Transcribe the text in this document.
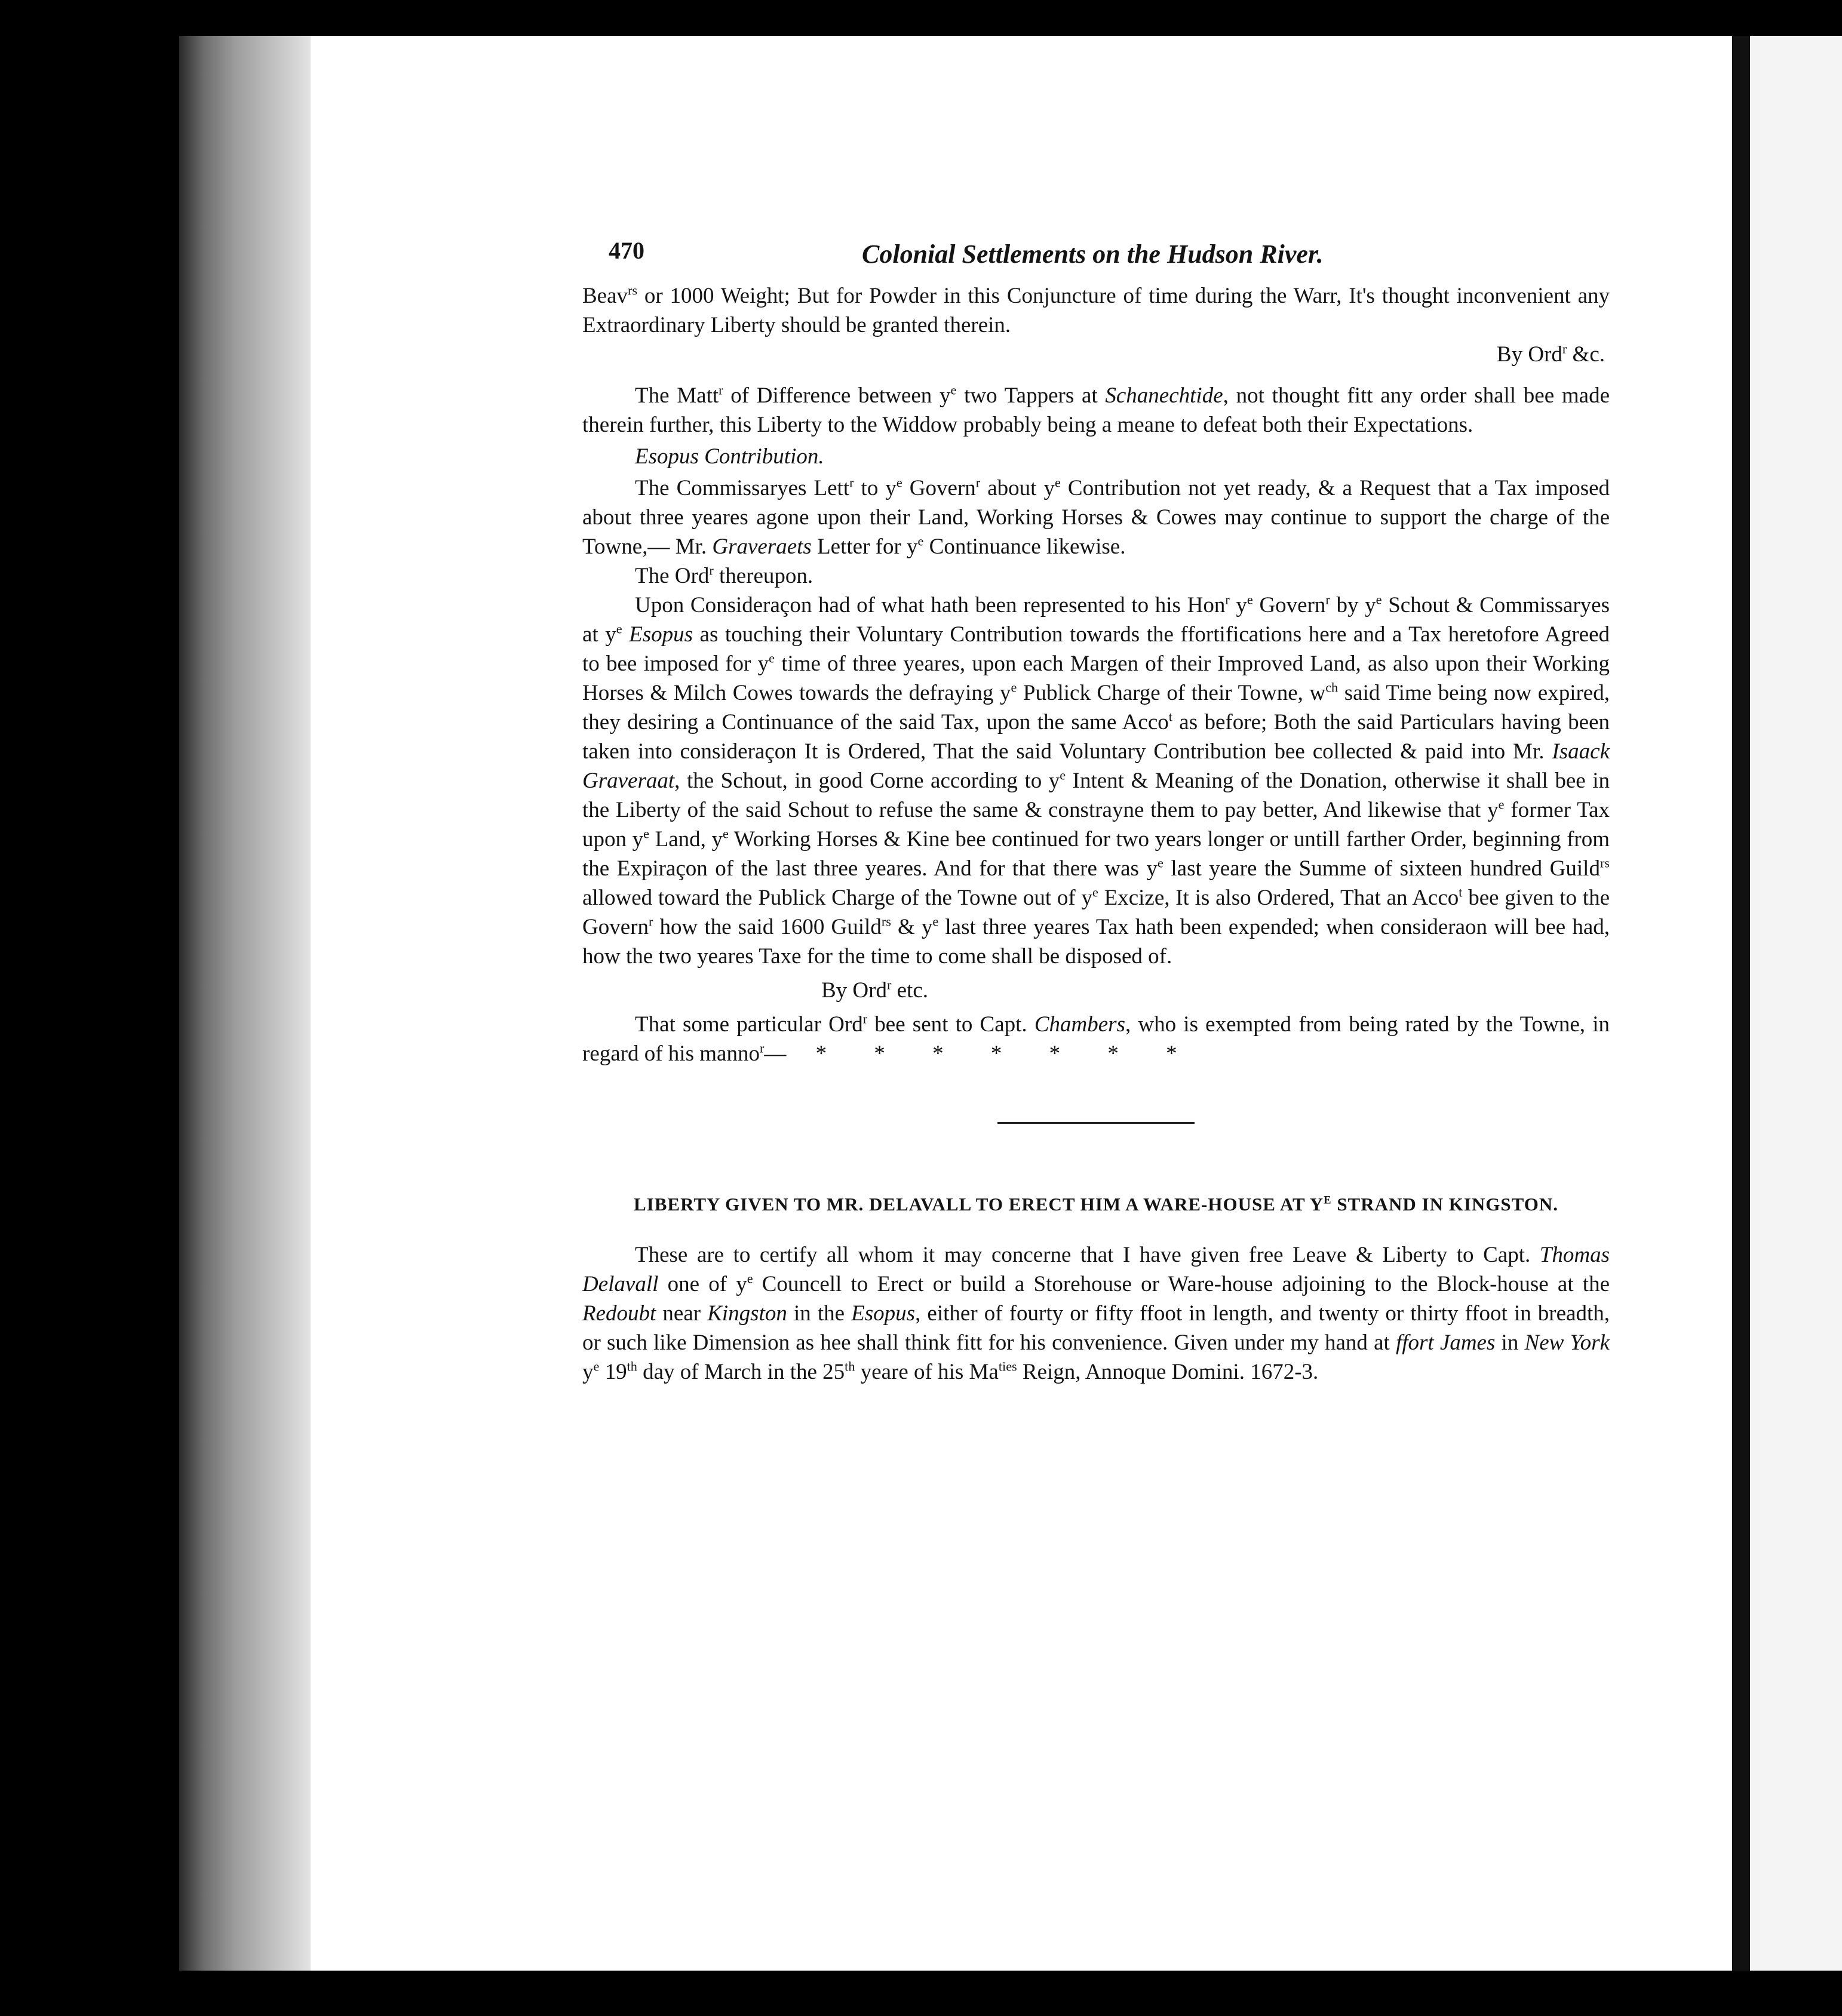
470	Colonial Settlements on the Hudson River.

Beav$^{rs}$ or 1000 Weight; But for Powder in this Conjuncture of time during the Warr, It's thought inconvenient any Extraordinary Liberty should be granted therein.

By Ord$^r$ &c.

The Matt$^r$ of Difference between $y^e$ two Tappers at Schanechtide, not thought fitt any order shall bee made therein further, this Liberty to the Widdow probably being a meane to defeat both their Expectations.

Esopus Contribution.

The Commissaryes Lett$^r$ to $y^e$ Govern$^r$ about $y^e$ Contribution not yet ready, & a Request that a Tax imposed about three yeares agone upon their Land, Working Horses & Cowes may continue to support the charge of the Towne,— Mr. Graveraets Letter for $y^e$ Continuance likewise.

The Ord$^r$ thereupon.

Upon Consideraçon had of what hath been represented to his Hon$^r$ $y^e$ Govern$^r$ by $y^e$ Schout & Commissaryes at $y^e$ Esopus as touching their Voluntary Contribution towards the ffortifications here and a Tax heretofore Agreed to bee imposed for $y^e$ time of three yeares, upon each Margen of their Improved Land, as also upon their Working Horses & Milch Cowes towards the defraying $y^e$ Publick Charge of their Towne, $w^{ch}$ said Time being now expired, they desiring a Continuance of the said Tax, upon the same Acco$^t$ as before; Both the said Particulars having been taken into consideraçon It is Ordered, That the said Voluntary Contribution bee collected & paid into Mr. Isaack Graveraat, the Schout, in good Corne according to $y^e$ Intent & Meaning of the Donation, otherwise it shall bee in the Liberty of the said Schout to refuse the same & constrayne them to pay better, And likewise that $y^e$ former Tax upon $y^e$ Land, $y^e$ Working Horses & Kine bee continued for two years longer or untill farther Order, beginning from the Expiraçon of the last three yeares. And for that there was $y^e$ last yeare the Summe of sixteen hundred Guild$^{rs}$ allowed toward the Publick Charge of the Towne out of $y^e$ Excize, It is also Ordered, That an Acco$^t$ bee given to the Govern$^r$ how the said 1600 Guild$^{rs}$ & $y^e$ last three yeares Tax hath been expended; when consideraon will bee had, how the two yeares Taxe for the time to come shall be disposed of.

By Ord$^r$ etc.

That some particular Ord$^r$ bee sent to Capt. Chambers, who is exempted from being rated by the Towne, in regard of his manno$^r$— * * * * * * *

LIBERTY GIVEN TO MR. DELAVALL TO ERECT HIM A WARE-HOUSE AT $Y^E$ STRAND IN KINGSTON.

These are to certify all whom it may concerne that I have given free Leave & Liberty to Capt. Thomas Delavall one of $y^e$ Councell to Erect or build a Storehouse or Ware-house adjoining to the Block-house at the Redoubt near Kingston in the Esopus, either of fourty or fifty ffoot in length, and twenty or thirty ffoot in breadth, or such like Dimension as hee shall think fitt for his convenience. Given under my hand at ffort James in New York $y^e$ 19th day of March in the 25th yeare of his $Ma^{ties}$ Reign, Annoque Domini. 1672-3.
